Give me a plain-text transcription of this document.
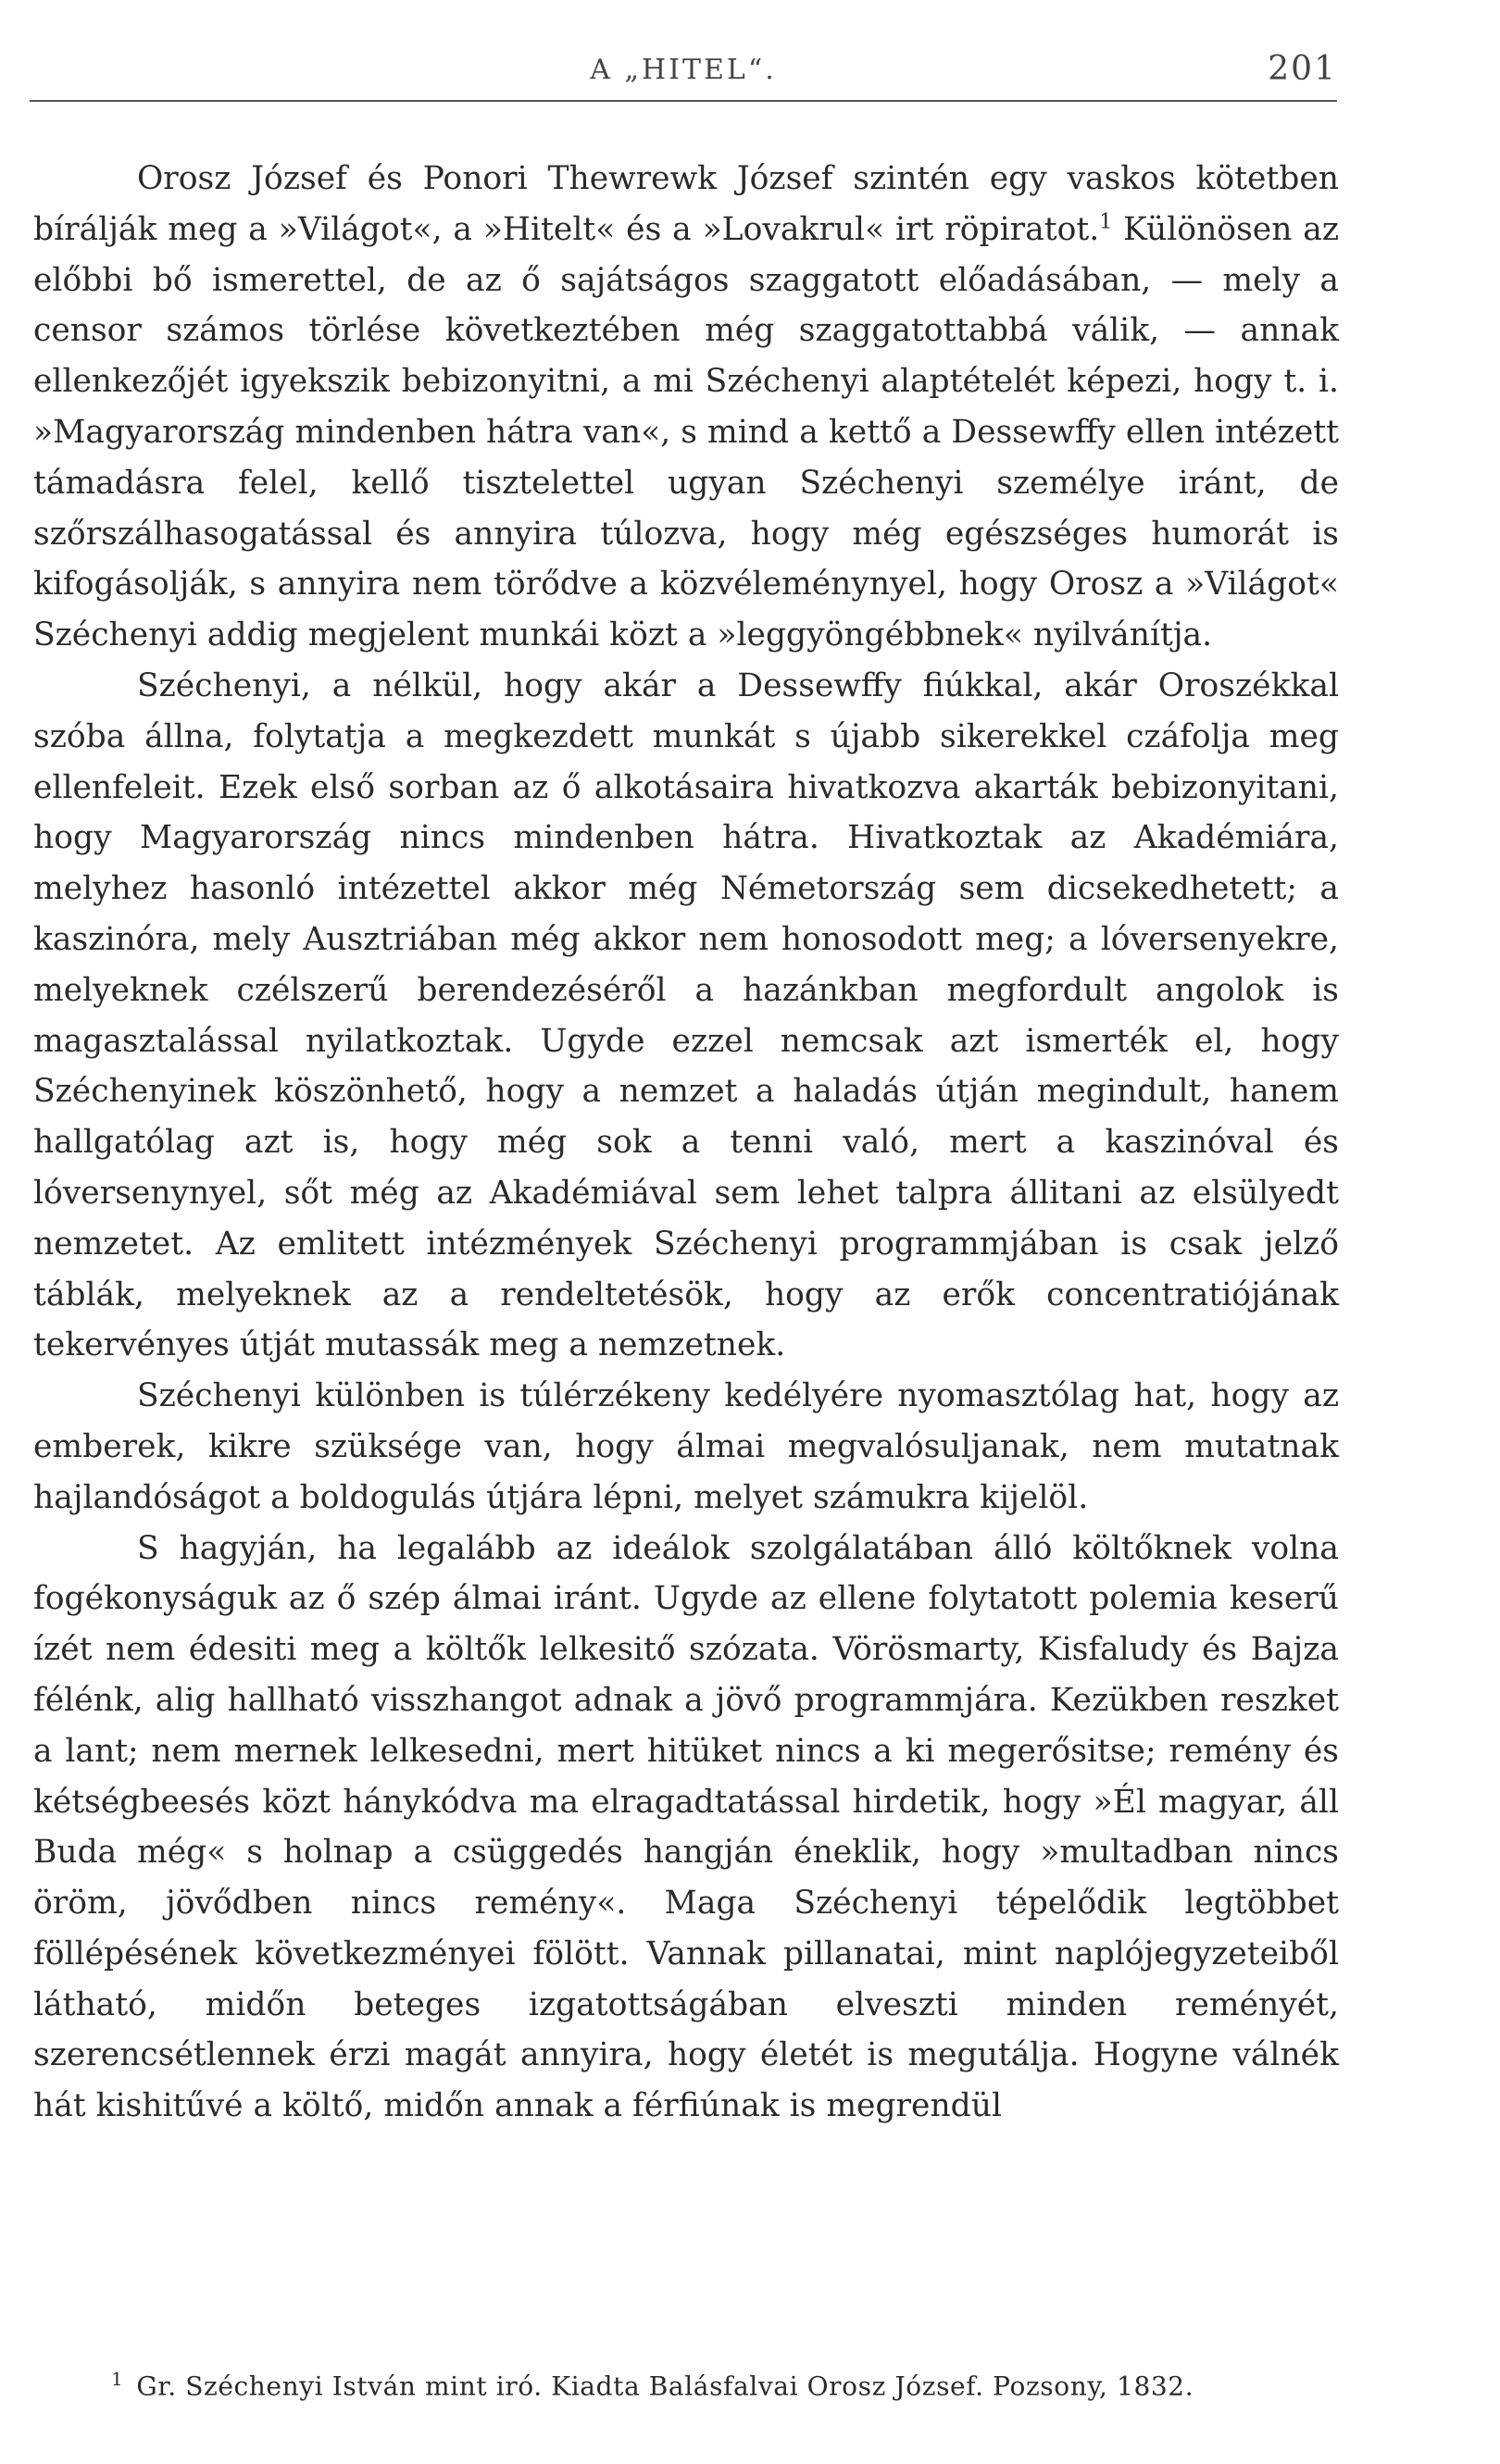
A „HITEL“.	201

Orosz József és Ponori Thewrewk József szintén egy vaskos kötetben bírálják meg a »Világot«, a »Hitelt« és a »Lovakrul« irt röpiratot.$^1$ Különösen az előbbi bő ismerettel, de az ő sajátságos szaggatott előadásában, — mely a censor számos törlése következtében még szaggatottabbá válik, — annak ellenkezőjét igyekszik bebizonyitni, a mi Széchenyi alaptételét képezi, hogy t. i. »Magyarország mindenben hátra van«, s mind a kettő a Dessewffy ellen intézett támadásra felel, kellő tisztelettel ugyan Széchenyi személye iránt, de szőrszálhasogatással és annyira túlozva, hogy még egészséges humorát is kifogásolják, s annyira nem törődve a közvéleménynyel, hogy Orosz a »Világot« Széchenyi addig megjelent munkái közt a »leggyöngébbnek« nyilvánítja.

Széchenyi, a nélkül, hogy akár a Dessewffy fiúkkal, akár Oroszékkal szóba állna, folytatja a megkezdett munkát s újabb sikerekkel czáfolja meg ellenfeleit. Ezek első sorban az ő alkotásaira hivatkozva akarták bebizonyitani, hogy Magyarország nincs mindenben hátra. Hivatkoztak az Akadémiára, melyhez hasonló intézettel akkor még Németország sem dicsekedhetett; a kaszinóra, mely Ausztriában még akkor nem honosodott meg; a lóversenyekre, melyeknek czélszerű berendezéséről a hazánkban megfordult angolok is magasztalással nyilatkoztak. Ugyde ezzel nemcsak azt ismerték el, hogy Széchenyinek köszönhető, hogy a nemzet a haladás útján megindult, hanem hallgatólag azt is, hogy még sok a tenni való, mert a kaszinóval és lóversenynyel, sőt még az Akadémiával sem lehet talpra állitani az elsülyedt nemzetet. Az emlitett intézmények Széchenyi programmjában is csak jelző táblák, melyeknek az a rendeltetésök, hogy az erők concentratiójának tekervényes útját mutassák meg a nemzetnek.

Széchenyi különben is túlérzékeny kedélyére nyomasztólag hat, hogy az emberek, kikre szüksége van, hogy álmai megvalósuljanak, nem mutatnak hajlandóságot a boldogulás útjára lépni, melyet számukra kijelöl.

S hagyján, ha legalább az ideálok szolgálatában álló költőknek volna fogékonyságuk az ő szép álmai iránt. Ugyde az ellene folytatott polemia keserű ízét nem édesiti meg a költők lelkesitő szózata. Vörösmarty, Kisfaludy és Bajza félénk, alig hallható visszhangot adnak a jövő programmjára. Kezükben reszket a lant; nem mernek lelkesedni, mert hitüket nincs a ki megerősitse; remény és kétségbeesés közt hánykódva ma elragadtatással hirdetik, hogy »Él magyar, áll Buda még« s holnap a csüggedés hangján éneklik, hogy »multadban nincs öröm, jövődben nincs remény«. Maga Széchenyi tépelődik legtöbbet föllépésének következményei fölött. Vannak pillanatai, mint naplójegyzeteiből látható, midőn beteges izgatottságában elveszti minden reményét, szerencsétlennek érzi magát annyira, hogy életét is megutálja. Hogyne válnék hát kishitűvé a költő, midőn annak a férfiúnak is megrendül

$^1$ Gr. Széchenyi István mint iró. Kiadta Balásfalvai Orosz József. Pozsony, 1832.
